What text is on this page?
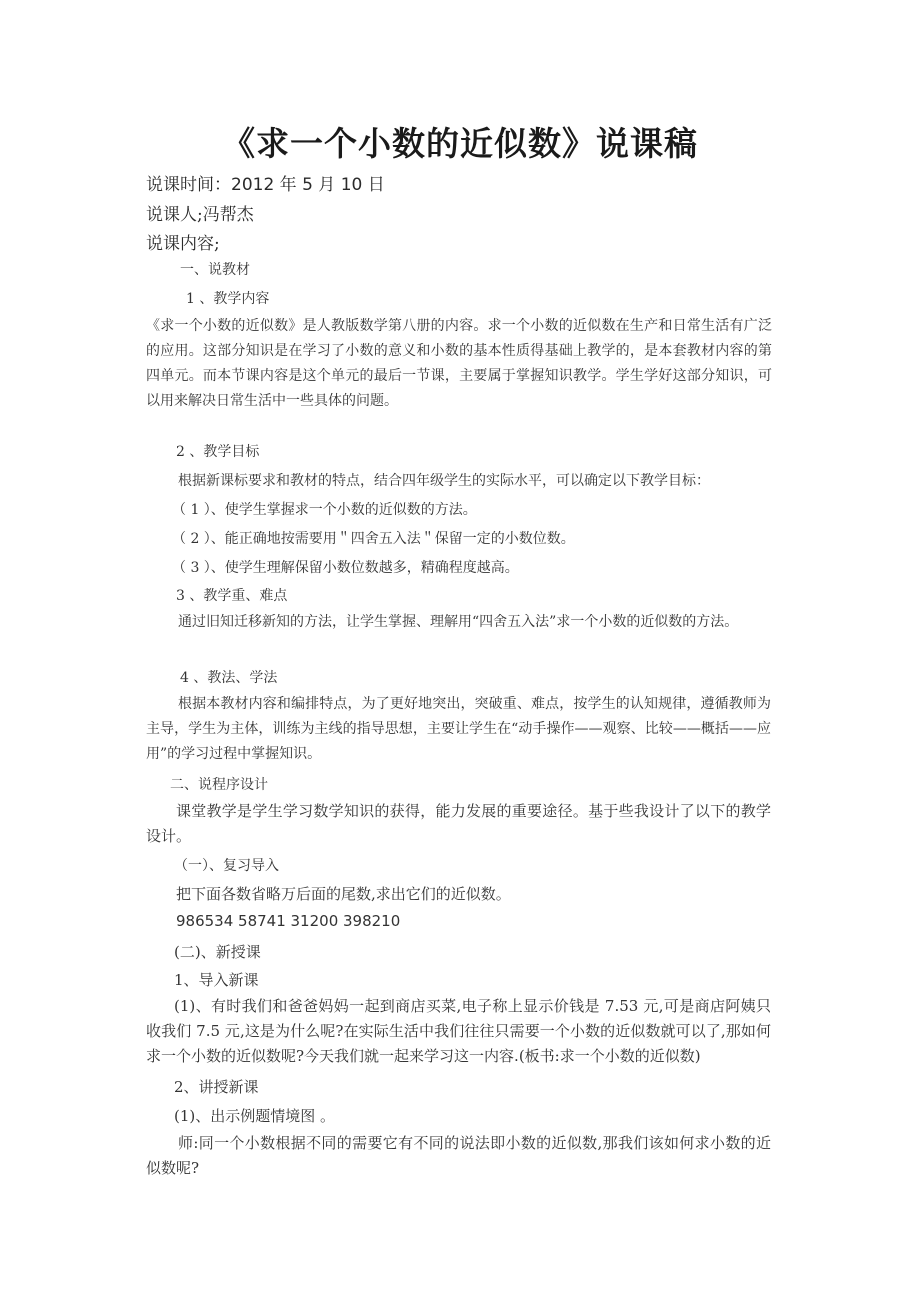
《求一个小数的近似数》说课稿
说课时间：2012 年 5 月 10 日
说课人;冯帮杰
说课内容;
一、说教材
1 、教学内容
《求一个小数的近似数》是人教版数学第八册的内容。求一个小数的近似数在生产和日常生活有广泛的应用。这部分知识是在学习了小数的意义和小数的基本性质得基础上教学的，是本套教材内容的第四单元。而本节课内容是这个单元的最后一节课，主要属于掌握知识教学。学生学好这部分知识，可以用来解决日常生活中一些具体的问题。
2 、教学目标
根据新课标要求和教材的特点，结合四年级学生的实际水平，可以确定以下教学目标：
（ 1 ）、使学生掌握求一个小数的近似数的方法。
（ 2 ）、能正确地按需要用＂四舍五入法＂保留一定的小数位数。
（ 3 ）、使学生理解保留小数位数越多，精确程度越高。
3 、教学重、难点
通过旧知迁移新知的方法，让学生掌握、理解用“四舍五入法”求一个小数的近似数的方法。
4 、教法、学法
根据本教材内容和编排特点，为了更好地突出，突破重、难点，按学生的认知规律，遵循教师为主导，学生为主体，训练为主线的指导思想，主要让学生在“动手操作——观察、比较——概括——应用”的学习过程中掌握知识。
二、说程序设计
课堂教学是学生学习数学知识的获得，能力发展的重要途径。基于些我设计了以下的教学设计。
（一）、复习导入
把下面各数省略万后面的尾数,求出它们的近似数。
986534 58741 31200 398210
(二)、新授课
1、导入新课
(1)、有时我们和爸爸妈妈一起到商店买菜,电子称上显示价钱是 7.53 元,可是商店阿姨只收我们 7.5 元,这是为什么呢?在实际生活中我们往往只需要一个小数的近似数就可以了,那如何求一个小数的近似数呢?今天我们就一起来学习这一内容.(板书:求一个小数的近似数)
2、讲授新课
(1)、出示例题情境图 。
师:同一个小数根据不同的需要它有不同的说法即小数的近似数,那我们该如何求小数的近似数呢?
